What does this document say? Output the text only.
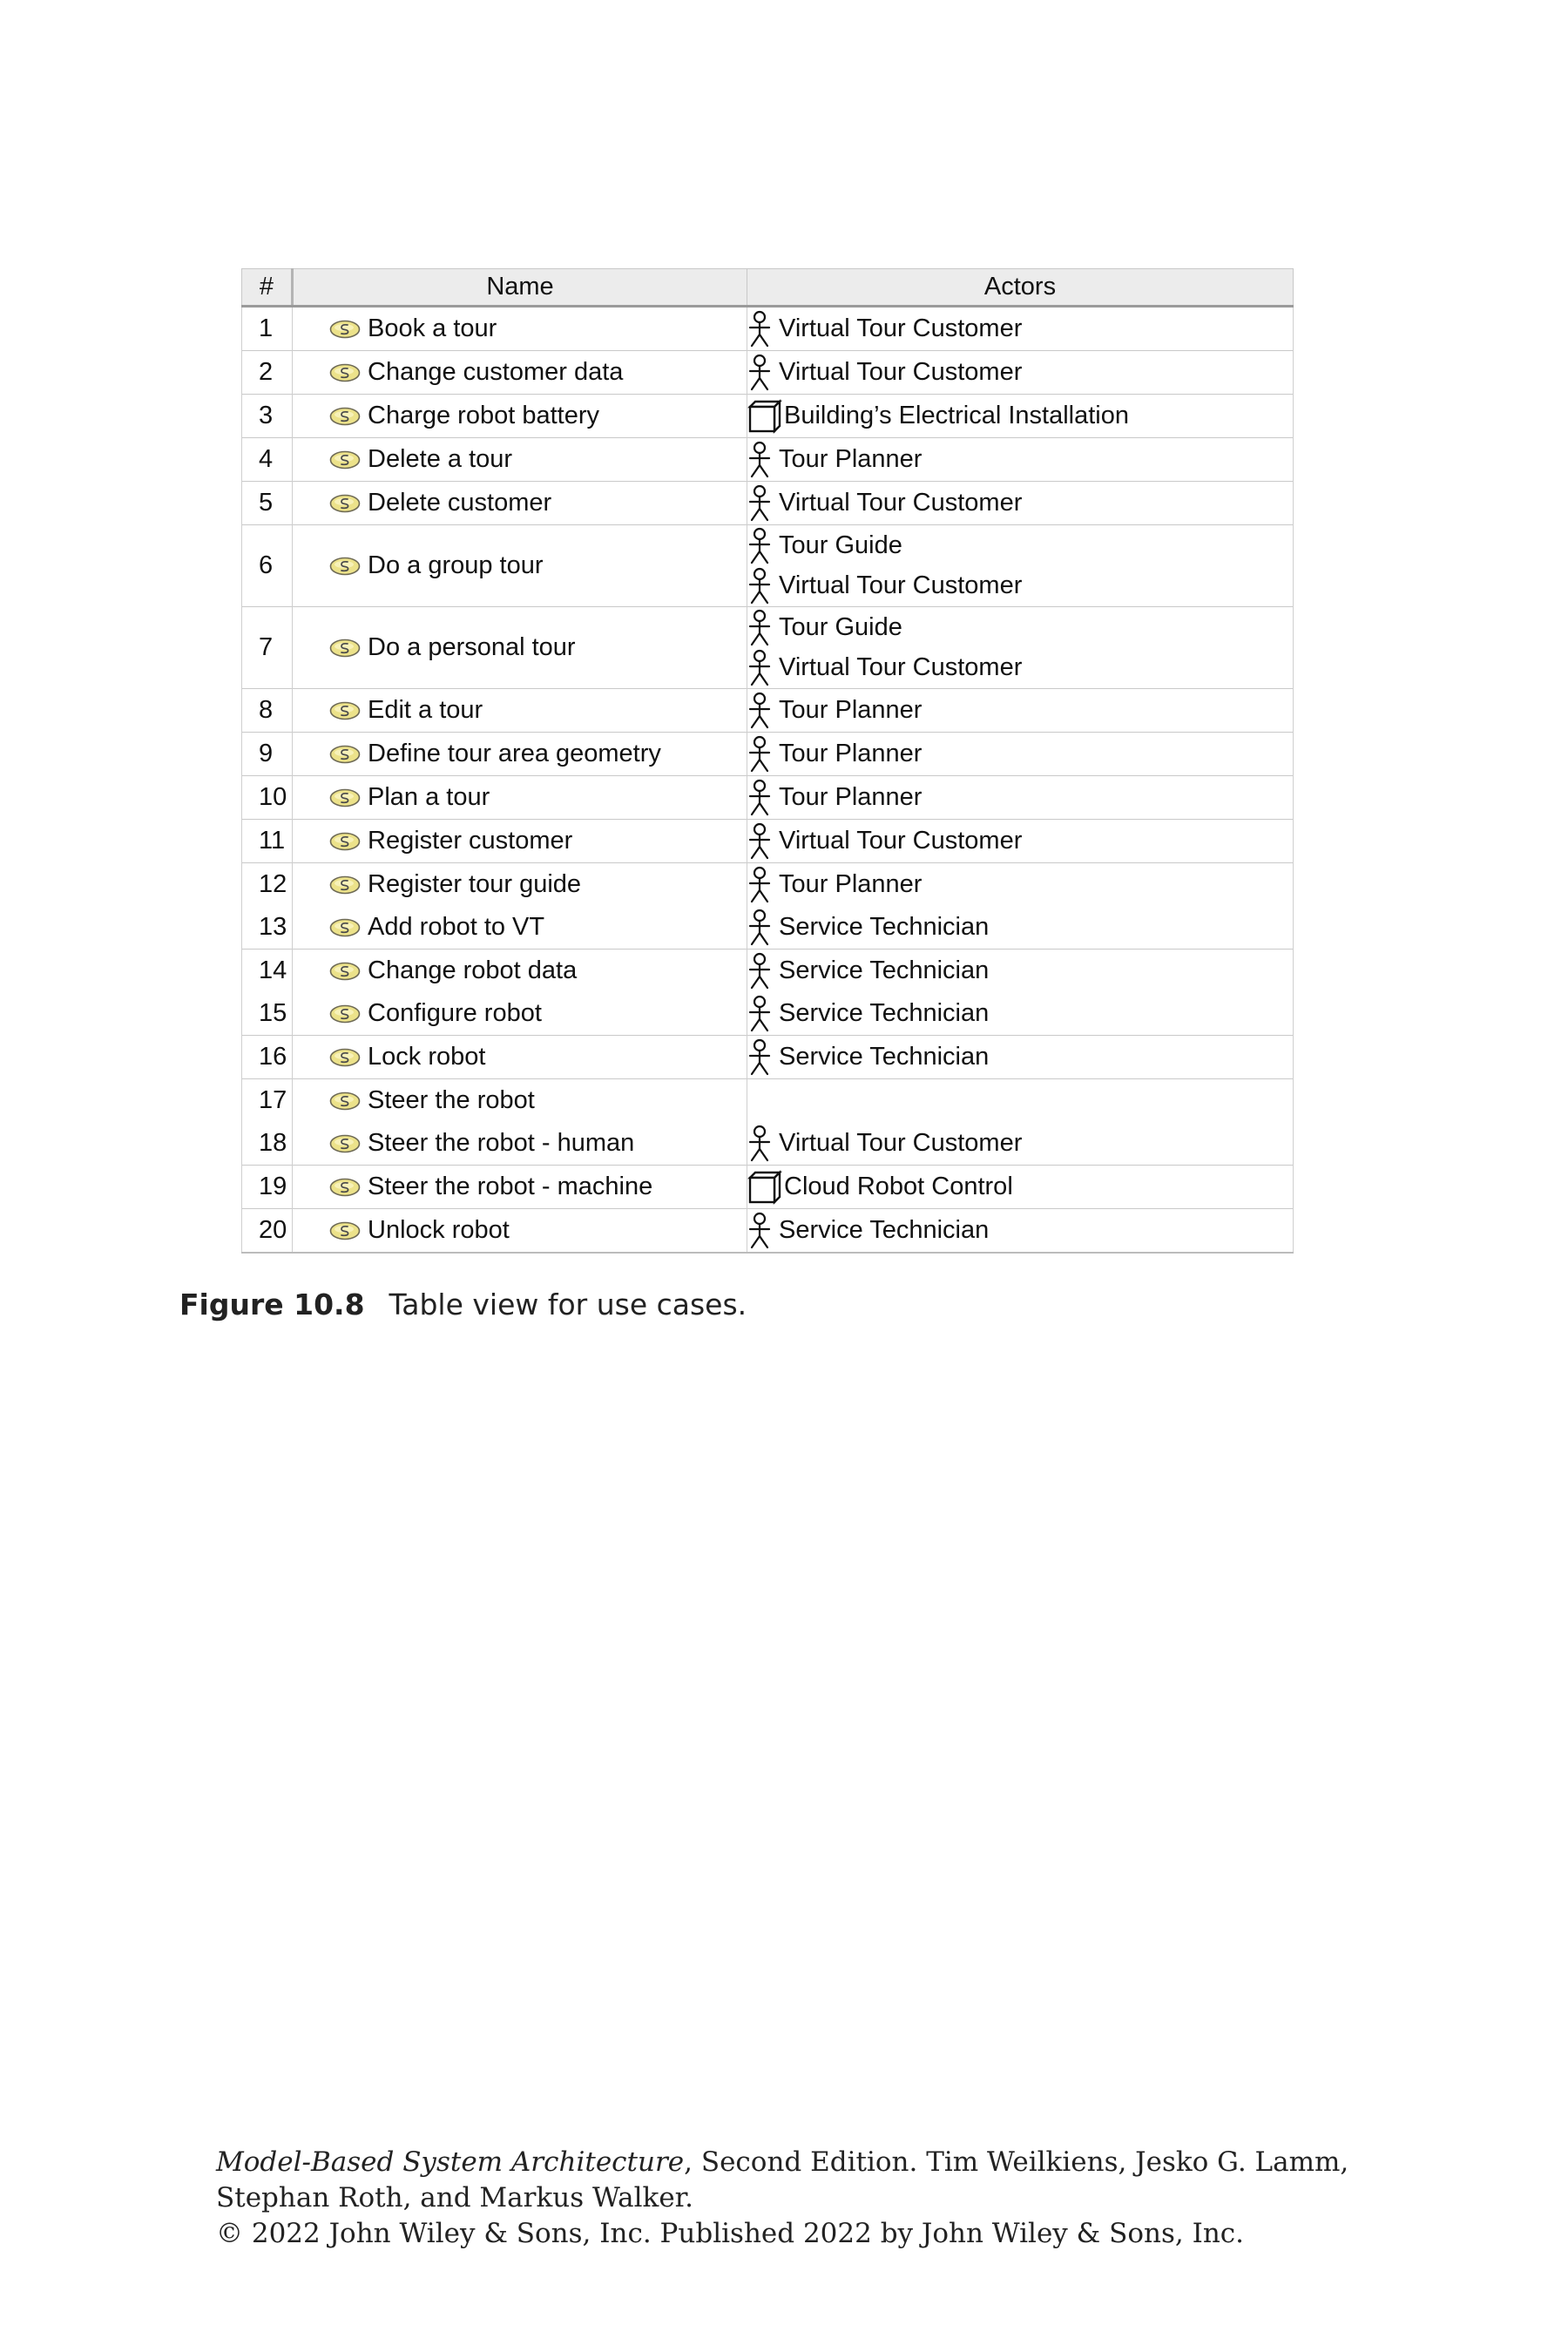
#	Name	Actors
1	Book a tour	Virtual Tour Customer

2	Change customer data	Virtual Tour Customer

3	Charge robot battery	Building’s Electrical Installation

4	Delete a tour	Tour Planner

5	Delete customer	Virtual Tour Customer

6	Do a group tour	Tour Guide
Virtual Tour Customer

7	Do a personal tour	Tour Guide
Virtual Tour Customer

8	Edit a tour	Tour Planner

9	Define tour area geometry	Tour Planner

10	Plan a tour	Tour Planner

11	Register customer	Virtual Tour Customer

12	Register tour guide	Tour Planner

13	Add robot to VT	Service Technician

14	Change robot data	Service Technician

15	Configure robot	Service Technician

16	Lock robot	Service Technician

17	Steer the robot	

18	Steer the robot - human	Virtual Tour Customer

19	Steer the robot - machine	Cloud Robot Control

20	Unlock robot	Service Technician
Figure 10.8 Table view for use cases.
Model-Based System Architecture, Second Edition. Tim Weilkiens, Jesko G. Lamm,
Stephan Roth, and Markus Walker.
© 2022 John Wiley & Sons, Inc. Published 2022 by John Wiley & Sons, Inc.
